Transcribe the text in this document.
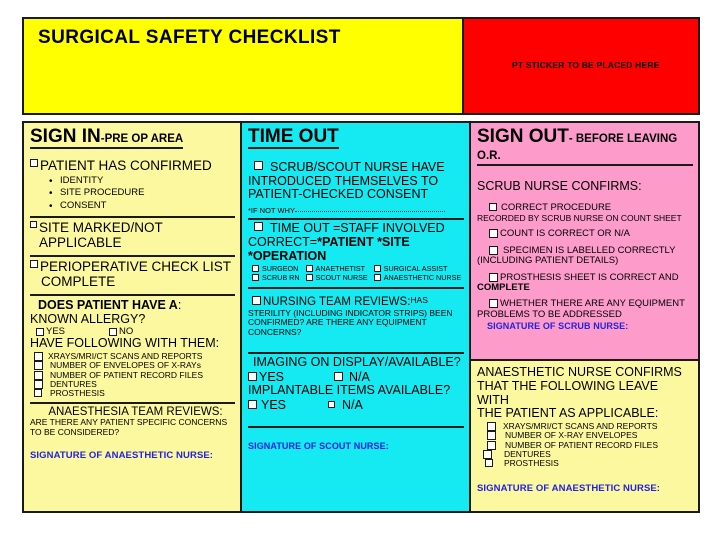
SURGICAL SAFETY CHECKLIST
PT STICKER TO BE PLACED HERE
SIGN IN-PRE OP AREA
PATIENT HAS CONFIRMED
• IDENTITY
• SITE PROCEDURE
• CONSENT
SITE MARKED/NOT APPLICABLE
PERIOPERATIVE CHECK LIST
COMPLETE
DOES PATIENT HAVE A:
KNOWN ALLERGY?
YES	NO
HAVE FOLLOWING WITH THEM:
XRAYS/MRI/CT SCANS AND REPORTS
NUMBER OF ENVELOPES OF X-RAYs
NUMBER OF PATIENT RECORD FILES
DENTURES
PROSTHESIS
ANAESTHESIA TEAM REVIEWS:
ARE THERE ANY PATIENT SPECIFIC CONCERNS
TO BE CONSIDERED?
SIGNATURE OF ANAESTHETIC NURSE:
TIME OUT
SCRUB/SCOUT NURSE HAVE
INTRODUCED THEMSELVES TO
PATIENT-CHECKED CONSENT
*IF NOT WHY
TIME OUT =STAFF INVOLVED
CORRECT=*PATIENT *SITE *OPERATION
SURGEON
SCRUB RN
ANAETHETIST
SCOUT NURSE
SURGICAL ASSIST
ANAESTHETIC NURSE
NURSING TEAM REVIEWS : HAS
STERILITY (INCLUDING INDICATOR STRIPS) BEEN
CONFIRMED? ARE THERE ANY EQUIPMENT
CONCERNS?
IMAGING ON DISPLAY/AVAILABLE?
YES	N/A
IMPLANTABLE ITEMS AVAILABLE?
YES	N/A
SIGNATURE OF SCOUT NURSE:
SIGN OUT- BEFORE LEAVING O.R.
SCRUB NURSE CONFIRMS:
CORRECT PROCEDURE
RECORDED BY SCRUB NURSE ON COUNT SHEET
COUNT IS CORRECT OR N/A
SPECIMEN IS LABELLED CORRECTLY
(INCLUDING PATIENT DETAILS)
PROSTHESIS SHEET IS CORRECT AND
COMPLETE
WHETHER THERE ARE ANY EQUIPMENT
PROBLEMS TO BE ADDRESSED
SIGNATURE OF SCRUB NURSE:
ANAESTHETIC NURSE CONFIRMS
THAT THE FOLLOWING LEAVE WITH
THE PATIENT AS APPLICABLE:
XRAYS/MRI/CT SCANS AND REPORTS
NUMBER OF X-RAY ENVELOPES
NUMBER OF PATIENT RECORD FILES
DENTURES
PROSTHESIS
SIGNATURE OF ANAESTHETIC NURSE:
